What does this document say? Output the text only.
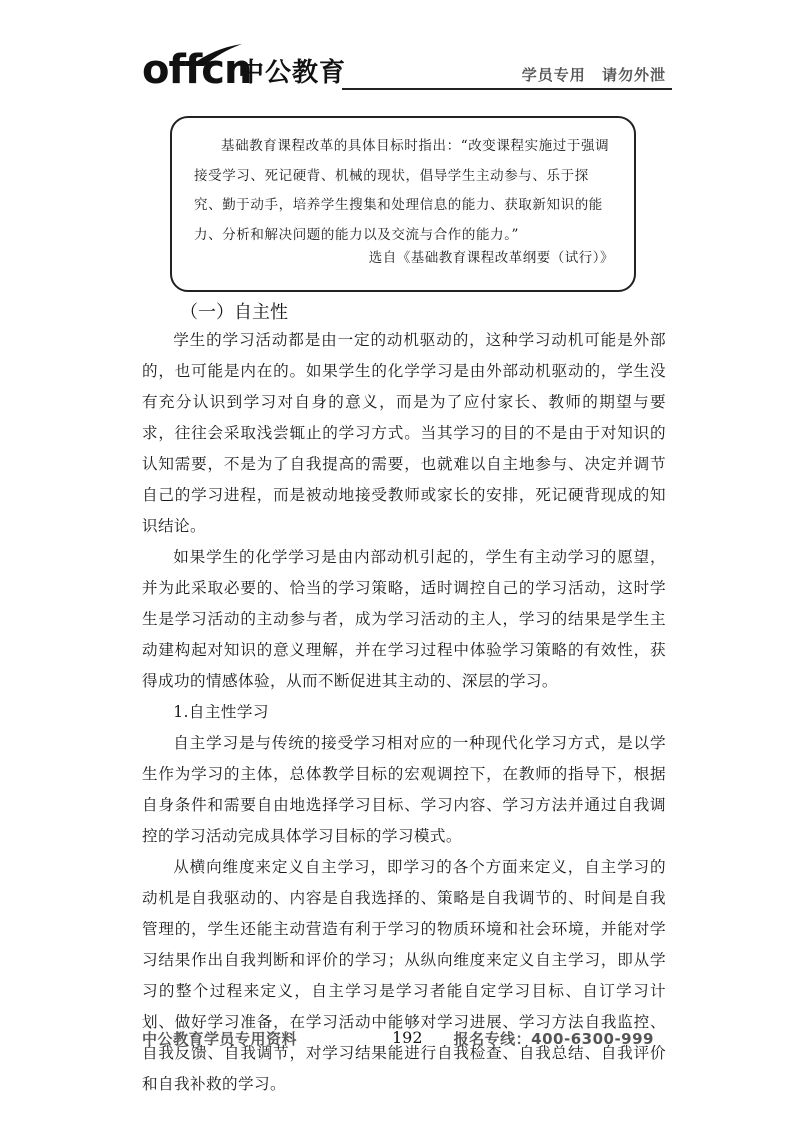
offcn
中公教育	学员专用 请勿外泄

基础教育课程改革的具体目标时指出：“改变课程实施过于强调接受学习、死记硬背、机械的现状，倡导学生主动参与、乐于探究、勤于动手，培养学生搜集和处理信息的能力、获取新知识的能力、分析和解决问题的能力以及交流与合作的能力。”

选自《基础教育课程改革纲要（试行）》
（一）自主性

学生的学习活动都是由一定的动机驱动的，这种学习动机可能是外部的，也可能是内在的。如果学生的化学学习是由外部动机驱动的，学生没有充分认识到学习对自身的意义，而是为了应付家长、教师的期望与要求，往往会采取浅尝辄止的学习方式。当其学习的目的不是由于对知识的认知需要，不是为了自我提高的需要，也就难以自主地参与、决定并调节自己的学习进程，而是被动地接受教师或家长的安排，死记硬背现成的知识结论。

如果学生的化学学习是由内部动机引起的，学生有主动学习的愿望，并为此采取必要的、恰当的学习策略，适时调控自己的学习活动，这时学生是学习活动的主动参与者，成为学习活动的主人，学习的结果是学生主动建构起对知识的意义理解，并在学习过程中体验学习策略的有效性，获得成功的情感体验，从而不断促进其主动的、深层的学习。

1.自主性学习

自主学习是与传统的接受学习相对应的一种现代化学习方式，是以学生作为学习的主体，总体教学目标的宏观调控下，在教师的指导下，根据自身条件和需要自由地选择学习目标、学习内容、学习方法并通过自我调控的学习活动完成具体学习目标的学习模式。

从横向维度来定义自主学习，即学习的各个方面来定义，自主学习的动机是自我驱动的、内容是自我选择的、策略是自我调节的、时间是自我管理的，学生还能主动营造有利于学习的物质环境和社会环境，并能对学习结果作出自我判断和评价的学习；从纵向维度来定义自主学习，即从学习的整个过程来定义，自主学习是学习者能自定学习目标、自订学习计划、做好学习准备，在学习活动中能够对学习进展、学习方法自我监控、自我反馈、自我调节，对学习结果能进行自我检查、自我总结、自我评价和自我补救的学习。

中公教育学员专用资料	192 报名专线：400-6300-999
